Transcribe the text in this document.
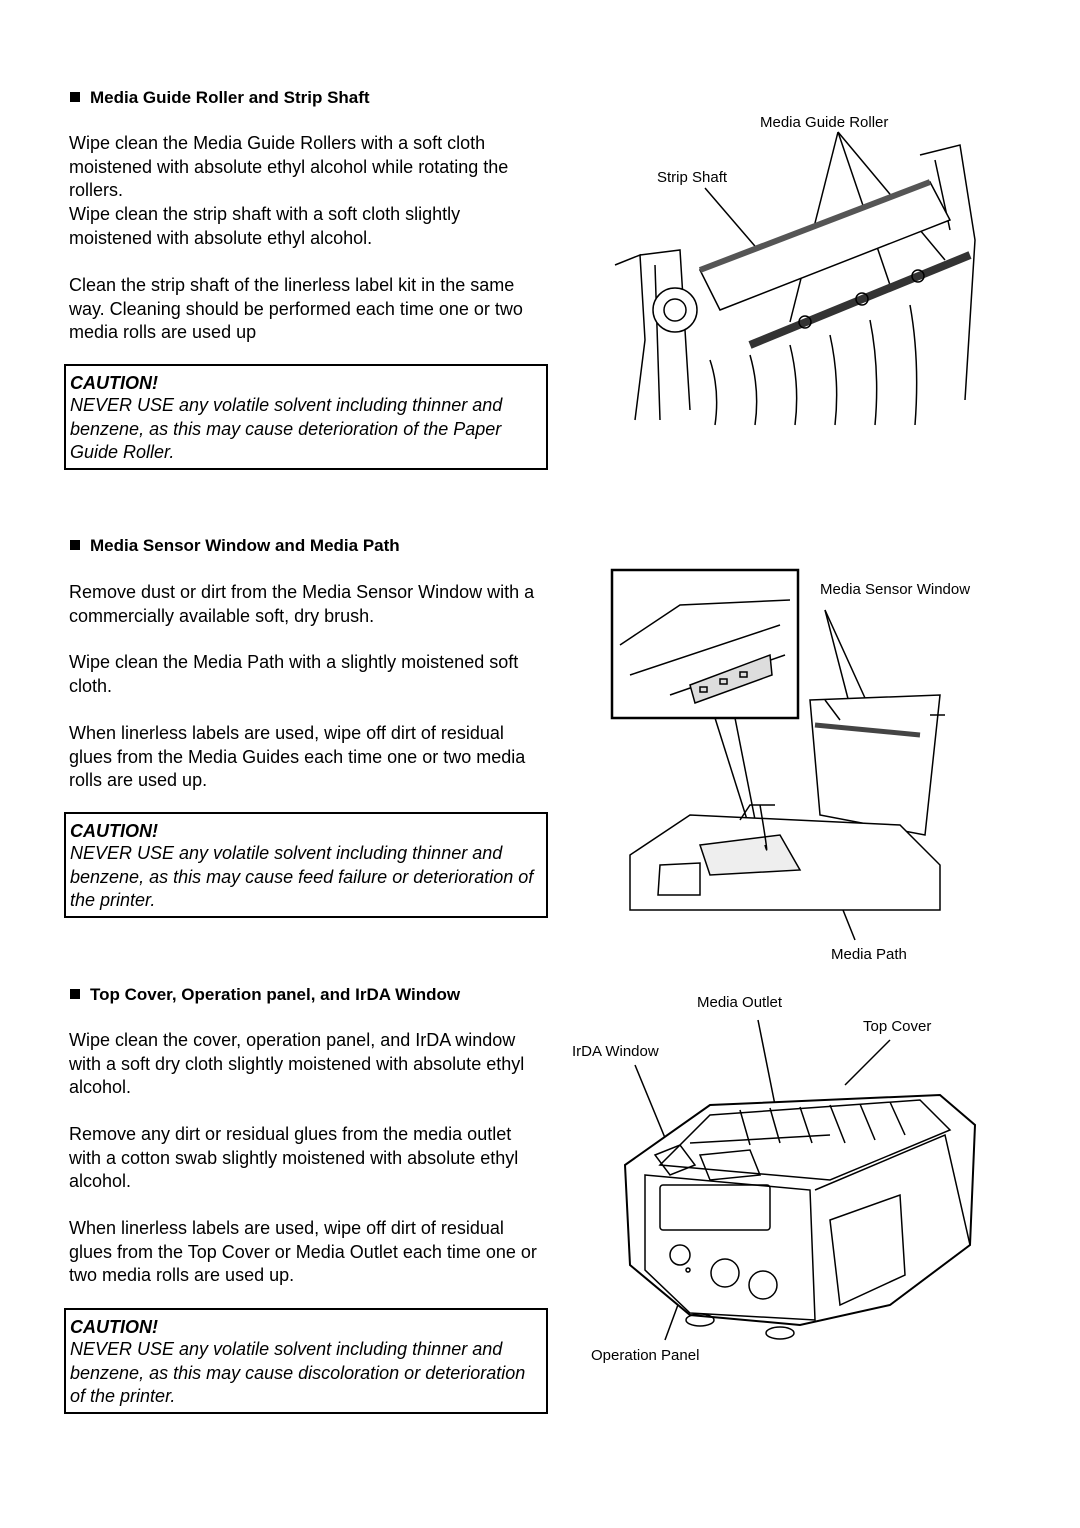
Media Guide Roller and Strip Shaft
Wipe clean the Media Guide Rollers with a soft cloth moistened with absolute ethyl alcohol while rotating the rollers.
Wipe clean the strip shaft with a soft cloth slightly moistened with absolute ethyl alcohol.
Clean the strip shaft of the linerless label kit in the same way. Cleaning should be performed each time one or two media rolls are used up
CAUTION!
NEVER USE any volatile solvent including thinner and benzene, as this may cause deterioration of the Paper Guide Roller.
Media Guide Roller
Strip Shaft
Media Sensor Window and Media Path
Remove dust or dirt from the Media Sensor Window with a commercially available soft, dry brush.
Wipe clean the Media Path with a slightly moistened soft cloth.
When linerless labels are used, wipe off dirt of residual glues from the Media Guides each time one or two media rolls are used up.
CAUTION!
NEVER USE any volatile solvent including thinner and benzene, as this may cause feed failure or deterioration of the printer.
Media Sensor Window
Media Path
Top Cover, Operation panel, and IrDA Window
Wipe clean the cover, operation panel, and IrDA window with a soft dry cloth slightly moistened with absolute ethyl alcohol.
Remove any dirt or residual glues from the media outlet with a cotton swab slightly moistened with absolute ethyl alcohol.
When linerless labels are used, wipe off dirt of residual glues from the Top Cover or Media Outlet each time one or two media rolls are used up.
CAUTION!
NEVER USE any volatile solvent including thinner and benzene, as this may cause discoloration or deterioration of the printer.
Media Outlet
Top Cover
IrDA Window
Operation Panel
